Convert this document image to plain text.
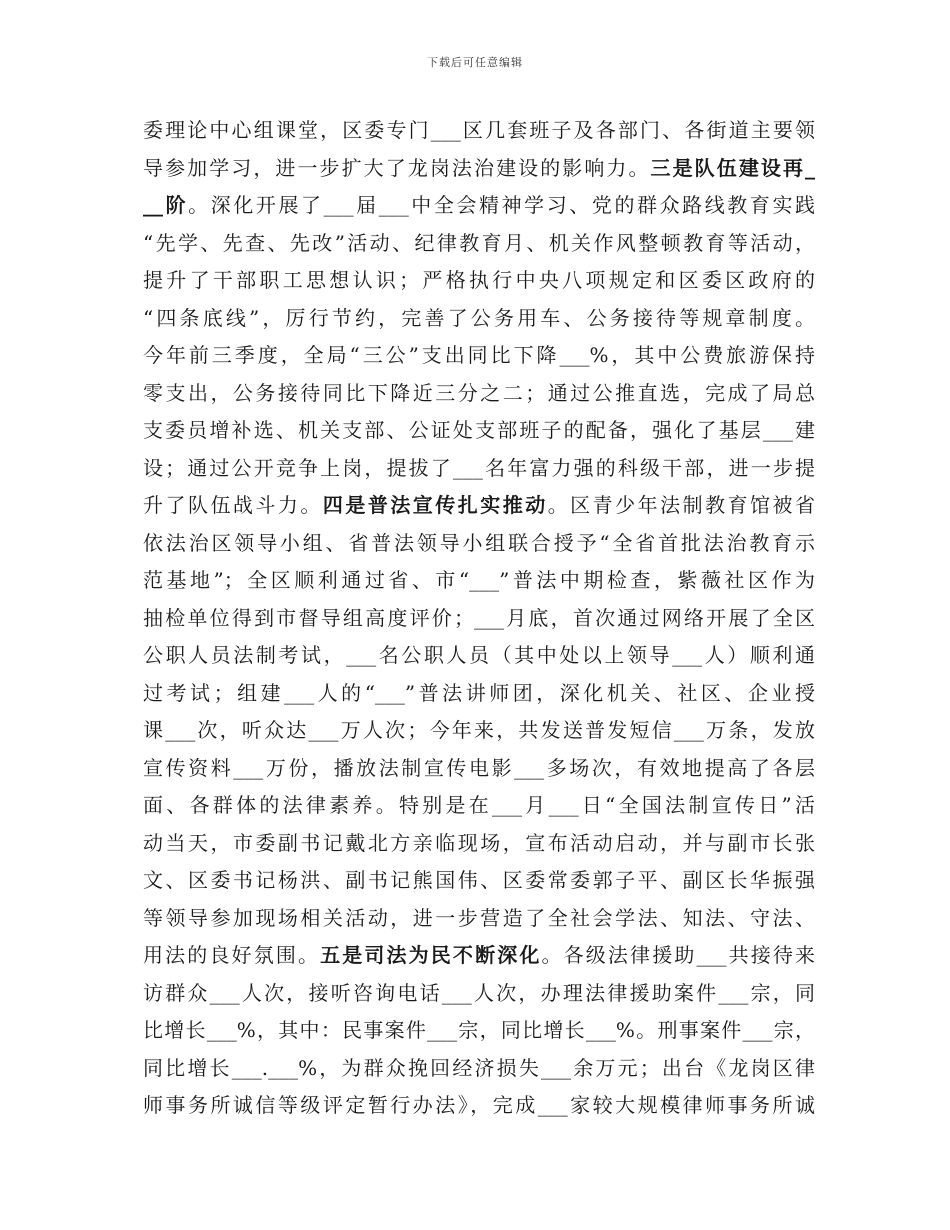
下载后可任意编辑
委理论中心组课堂，区委专门___区几套班子及各部门、各街道主要领
导参加学习，进一步扩大了龙岗法治建设的影响力。三是队伍建设再_
__阶。深化开展了___届___中全会精神学习、党的群众路线教育实践
“先学、先查、先改”活动、纪律教育月、机关作风整顿教育等活动，
提升了干部职工思想认识；严格执行中央八项规定和区委区政府的
“四条底线”，厉行节约，完善了公务用车、公务接待等规章制度。
今年前三季度，全局“三公”支出同比下降___%，其中公费旅游保持
零支出，公务接待同比下降近三分之二；通过公推直选，完成了局总
支委员增补选、机关支部、公证处支部班子的配备，强化了基层___建
设；通过公开竞争上岗，提拔了___名年富力强的科级干部，进一步提
升了队伍战斗力。四是普法宣传扎实推动。区青少年法制教育馆被省
依法治区领导小组、省普法领导小组联合授予“全省首批法治教育示
范基地”；全区顺利通过省、市“___”普法中期检查，紫薇社区作为
抽检单位得到市督导组高度评价；___月底，首次通过网络开展了全区
公职人员法制考试，___名公职人员（其中处以上领导___人）顺利通
过考试；组建___人的“___”普法讲师团，深化机关、社区、企业授
课___次，听众达___万人次；今年来，共发送普发短信___万条，发放
宣传资料___万份，播放法制宣传电影___多场次，有效地提高了各层
面、各群体的法律素养。特别是在___月___日“全国法制宣传日”活
动当天，市委副书记戴北方亲临现场，宣布活动启动，并与副市长张
文、区委书记杨洪、副书记熊国伟、区委常委郭子平、副区长华振强
等领导参加现场相关活动，进一步营造了全社会学法、知法、守法、
用法的良好氛围。五是司法为民不断深化。各级法律援助___共接待来
访群众___人次，接听咨询电话___人次，办理法律援助案件___宗，同
比增长___%，其中：民事案件___宗，同比增长___%。刑事案件___宗，
同比增长___.___%，为群众挽回经济损失___余万元；出台《龙岗区律
师事务所诚信等级评定暂行办法》，完成___家较大规模律师事务所诚
